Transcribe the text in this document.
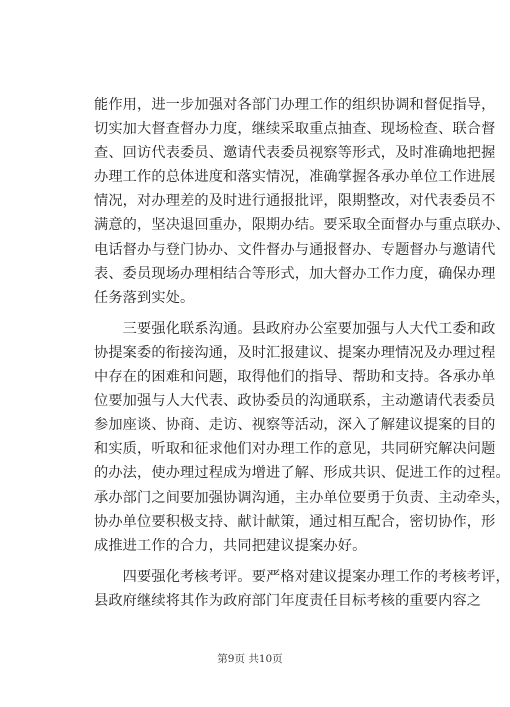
能作用，进一步加强对各部门办理工作的组织协调和督促指导，
切实加大督查督办力度，继续采取重点抽查、现场检查、联合督
查、回访代表委员、邀请代表委员视察等形式，及时准确地把握
办理工作的总体进度和落实情况，准确掌握各承办单位工作进展
情况，对办理差的及时进行通报批评，限期整改，对代表委员不
满意的，坚决退回重办，限期办结。要采取全面督办与重点联办、
电话督办与登门协办、文件督办与通报督办、专题督办与邀请代
表、委员现场办理相结合等形式，加大督办工作力度，确保办理
任务落到实处。
　　三要强化联系沟通。县政府办公室要加强与人大代工委和政
协提案委的衔接沟通，及时汇报建议、提案办理情况及办理过程
中存在的困难和问题，取得他们的指导、帮助和支持。各承办单
位要加强与人大代表、政协委员的沟通联系，主动邀请代表委员
参加座谈、协商、走访、视察等活动，深入了解建议提案的目的
和实质，听取和征求他们对办理工作的意见，共同研究解决问题
的办法，使办理过程成为增进了解、形成共识、促进工作的过程。
承办部门之间要加强协调沟通，主办单位要勇于负责、主动牵头，
协办单位要积极支持、献计献策，通过相互配合，密切协作，形
成推进工作的合力，共同把建议提案办好。
　　四要强化考核考评。要严格对建议提案办理工作的考核考评，
县政府继续将其作为政府部门年度责任目标考核的重要内容之
第9页 共10页
